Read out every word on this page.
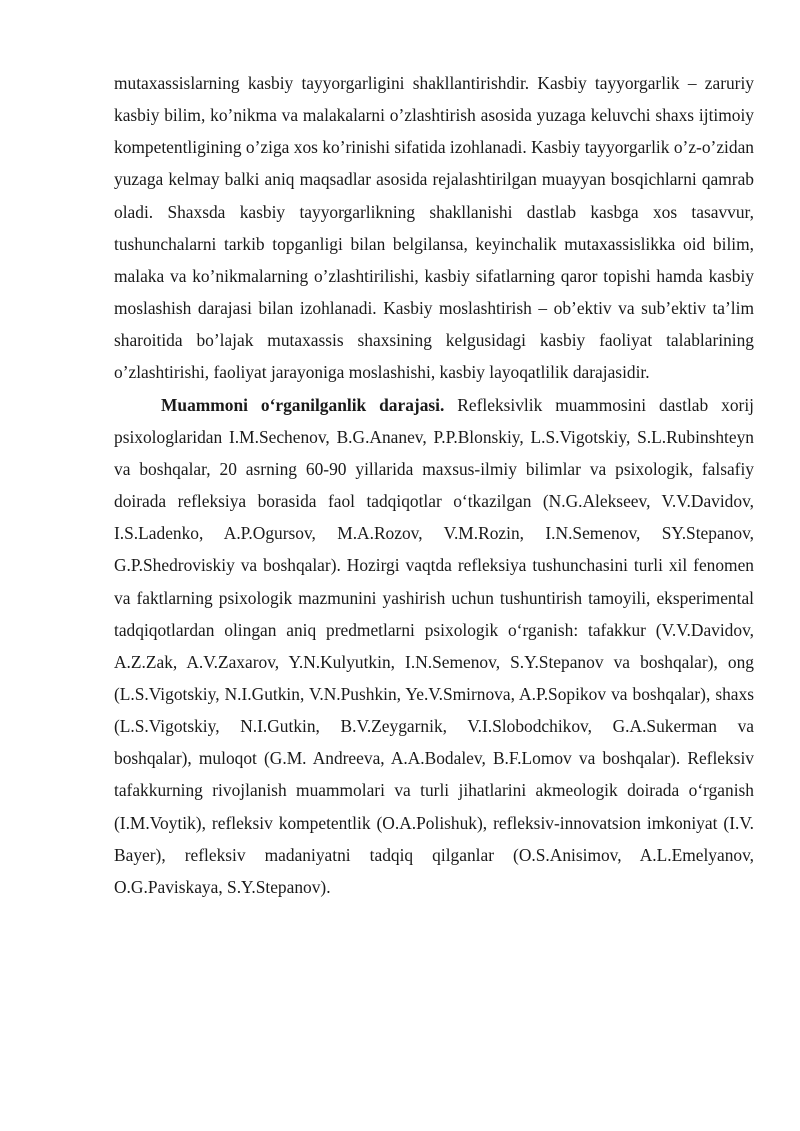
mutaxassislarning kasbiy tayyorgarligini shakllantirishdir. Kasbiy tayyorgarlik – zaruriy kasbiy bilim, ko’nikma va malakalarni o’zlashtirish asosida yuzaga keluvchi shaxs ijtimoiy kompetentligining o’ziga xos ko’rinishi sifatida izohlanadi. Kasbiy tayyorgarlik o’z-o’zidan yuzaga kelmay balki aniq maqsadlar asosida rejalashtirilgan muayyan bosqichlarni qamrab oladi. Shaxsda kasbiy tayyorgarlikning shakllanishi dastlab kasbga xos tasavvur, tushunchalarni tarkib topganligi bilan belgilansa, keyinchalik mutaxassislikka oid bilim, malaka va ko’nikmalarning o’zlashtirilishi, kasbiy sifatlarning qaror topishi hamda kasbiy moslashish darajasi bilan izohlanadi. Kasbiy moslashtirish – ob’ektiv va sub’ektiv ta’lim sharoitida bo’lajak mutaxassis shaxsining kelgusidagi kasbiy faoliyat talablarining o’zlashtirishi, faoliyat jarayoniga moslashishi, kasbiy layoqatlilik darajasidir.

Muammoni o‘rganilganlik darajasi. Refleksivlik muammosini dastlab xorij psixologlaridan I.M.Sechenov, B.G.Ananev, P.P.Blonskiy, L.S.Vigotskiy, S.L.Rubinshteyn va boshqalar, 20 asrning 60-90 yillarida maxsus-ilmiy bilimlar va psixologik, falsafiy doirada refleksiya borasida faol tadqiqotlar o‘tkazilgan (N.G.Alekseev, V.V.Davidov, I.S.Ladenko, A.P.Ogursov, M.A.Rozov, V.M.Rozin, I.N.Semenov, SY.Stepanov, G.P.Shedroviskiy va boshqalar). Hozirgi vaqtda refleksiya tushunchasini turli xil fenomen va faktlarning psixologik mazmunini yashirish uchun tushuntirish tamoyili, eksperimental tadqiqotlardan olingan aniq predmetlarni psixologik o‘rganish: tafakkur (V.V.Davidov, A.Z.Zak, A.V.Zaxarov, Y.N.Kulyutkin, I.N.Semenov, S.Y.Stepanov va boshqalar), ong (L.S.Vigotskiy, N.I.Gutkin, V.N.Pushkin, Ye.V.Smirnova, A.P.Sopikov va boshqalar), shaxs (L.S.Vigotskiy, N.I.Gutkin, B.V.Zeygarnik, V.I.Slobodchikov, G.A.Sukerman va boshqalar), muloqot (G.M. Andreeva, A.A.Bodalev, B.F.Lomov va boshqalar). Refleksiv tafakkurning rivojlanish muammolari va turli jihatlarini akmeologik doirada o‘rganish (I.M.Voytik), refleksiv kompetentlik (O.A.Polishuk), refleksiv-innovatsion imkoniyat (I.V. Bayer), refleksiv madaniyatni tadqiq qilganlar (O.S.Anisimov, A.L.Emelyanov, O.G.Paviskaya, S.Y.Stepanov).
